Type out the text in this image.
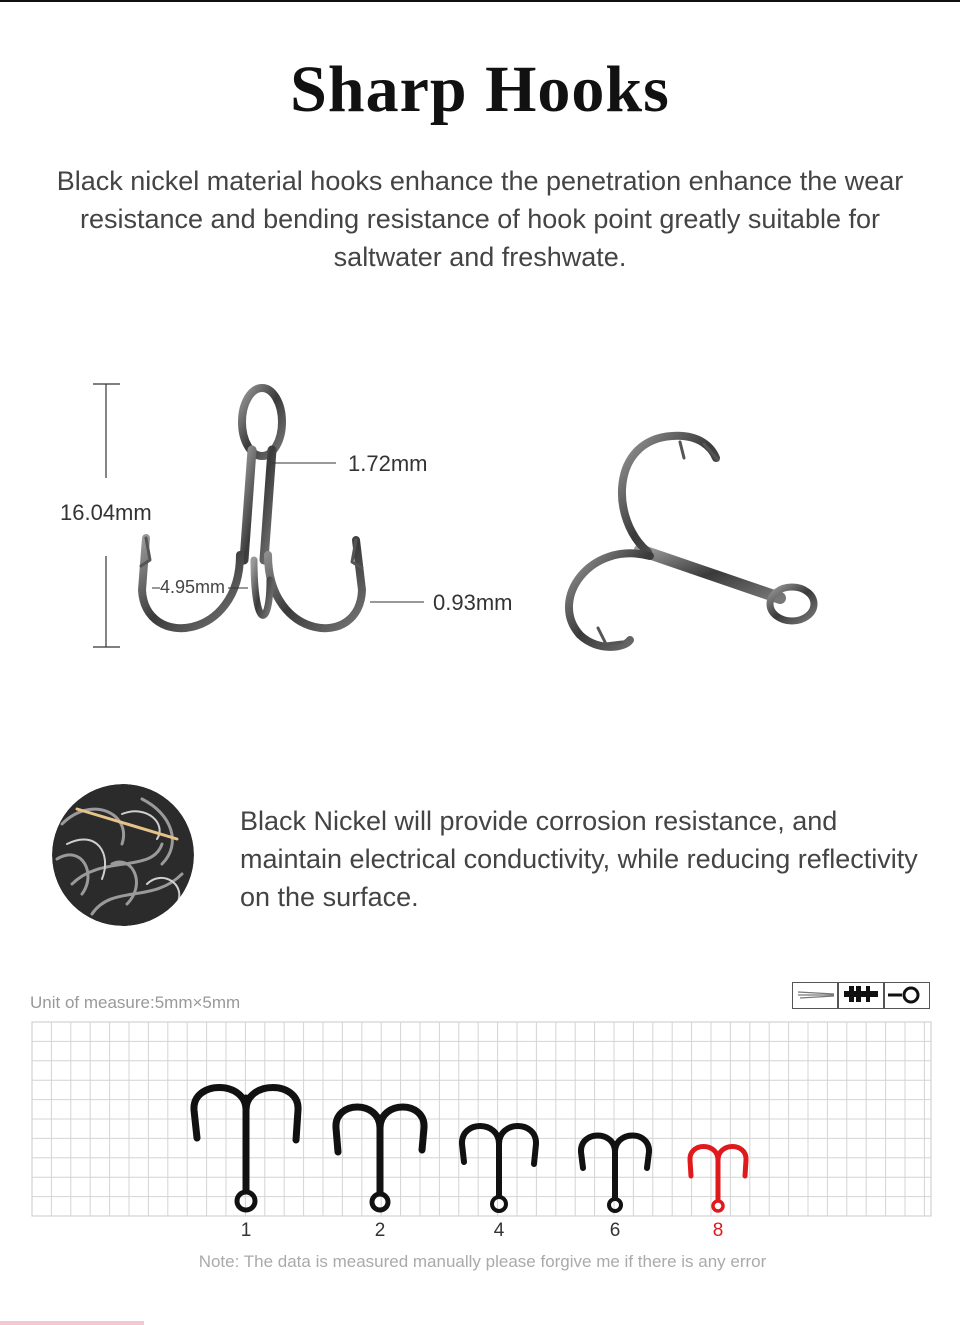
Sharp Hooks

Black nickel material hooks enhance the penetration enhance the wear resistance and bending resistance of hook point greatly suitable for saltwater and freshwate.

16.04mm
1.72mm
4.95mm
0.93mm

Black Nickel will provide corrosion resistance, and maintain electrical conductivity, while reducing reflectivity on the surface.

Unit of measure:5mm×5mm
1	2	4	6	8
Note: The data is measured manually please forgive me if there is any error
